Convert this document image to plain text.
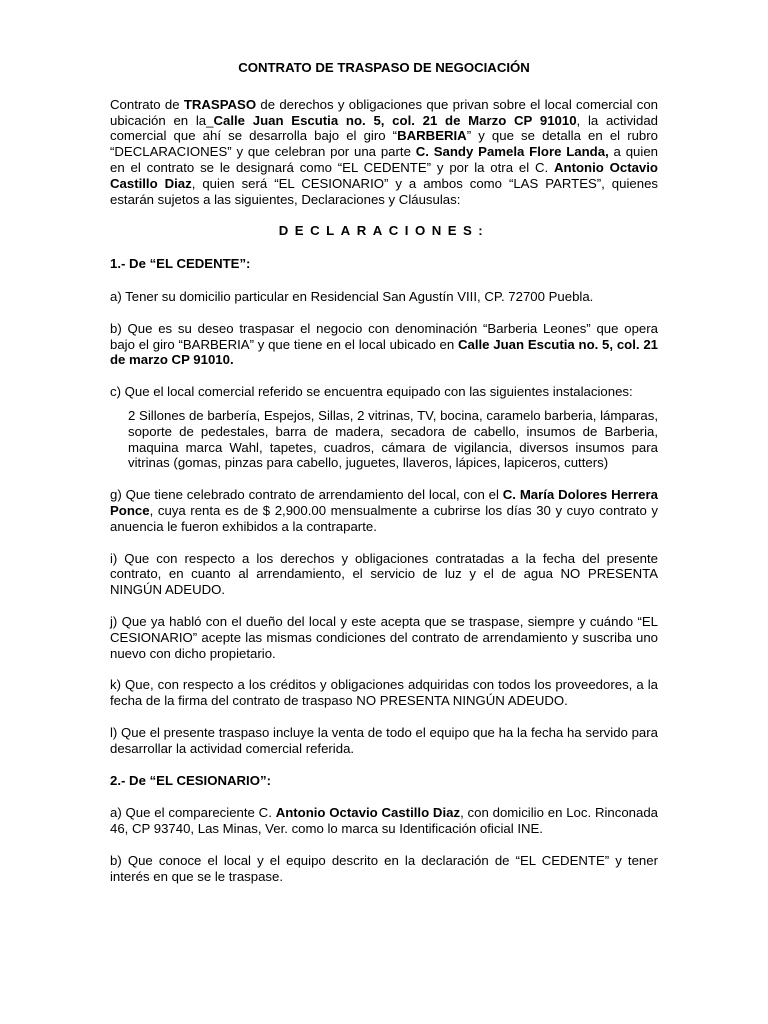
CONTRATO DE TRASPASO DE NEGOCIACIÓN

Contrato de TRASPASO de derechos y obligaciones que privan sobre el local comercial con ubicación en la_Calle Juan Escutia no. 5, col. 21 de Marzo CP 91010, la actividad comercial que ahí se desarrolla bajo el giro “BARBERIA” y que se detalla en el rubro “DECLARACIONES” y que celebran por una parte C. Sandy Pamela Flore Landa, a quien en el contrato se le designará como “EL CEDENTE” y por la otra el C. Antonio Octavio Castillo Diaz, quien será “EL CESIONARIO” y a ambos como “LAS PARTES”, quienes estarán sujetos a las siguientes, Declaraciones y Cláusulas:

DECLARACIONES:

1.- De “EL CEDENTE”:

a) Tener su domicilio particular en Residencial San Agustín VIII, CP. 72700 Puebla.

b) Que es su deseo traspasar el negocio con denominación “Barberia Leones” que opera bajo el giro “BARBERIA” y que tiene en el local ubicado en Calle Juan Escutia no. 5, col. 21 de marzo CP 91010.

c) Que el local comercial referido se encuentra equipado con las siguientes instalaciones:

2 Sillones de barbería, Espejos, Sillas, 2 vitrinas, TV, bocina, caramelo barberia, lámparas, soporte de pedestales, barra de madera, secadora de cabello, insumos de Barberia, maquina marca Wahl, tapetes, cuadros, cámara de vigilancia, diversos insumos para vitrinas (gomas, pinzas para cabello, juguetes, llaveros, lápices, lapiceros, cutters)

g) Que tiene celebrado contrato de arrendamiento del local, con el C. María Dolores Herrera Ponce, cuya renta es de $ 2,900.00 mensualmente a cubrirse los días 30 y cuyo contrato y anuencia le fueron exhibidos a la contraparte.

i) Que con respecto a los derechos y obligaciones contratadas a la fecha del presente contrato, en cuanto al arrendamiento, el servicio de luz y el de agua NO PRESENTA NINGÚN ADEUDO.

j) Que ya habló con el dueño del local y este acepta que se traspase, siempre y cuándo “EL CESIONARIO” acepte las mismas condiciones del contrato de arrendamiento y suscriba uno nuevo con dicho propietario.

k) Que, con respecto a los créditos y obligaciones adquiridas con todos los proveedores, a la fecha de la firma del contrato de traspaso NO PRESENTA NINGÚN ADEUDO.

l) Que el presente traspaso incluye la venta de todo el equipo que ha la fecha ha servido para desarrollar la actividad comercial referida.

2.- De “EL CESIONARIO”:

a) Que el compareciente C. Antonio Octavio Castillo Diaz, con domicilio en Loc. Rinconada 46, CP 93740, Las Minas, Ver. como lo marca su Identificación oficial INE.

b) Que conoce el local y el equipo descrito en la declaración de “EL CEDENTE” y tener interés en que se le traspase.
